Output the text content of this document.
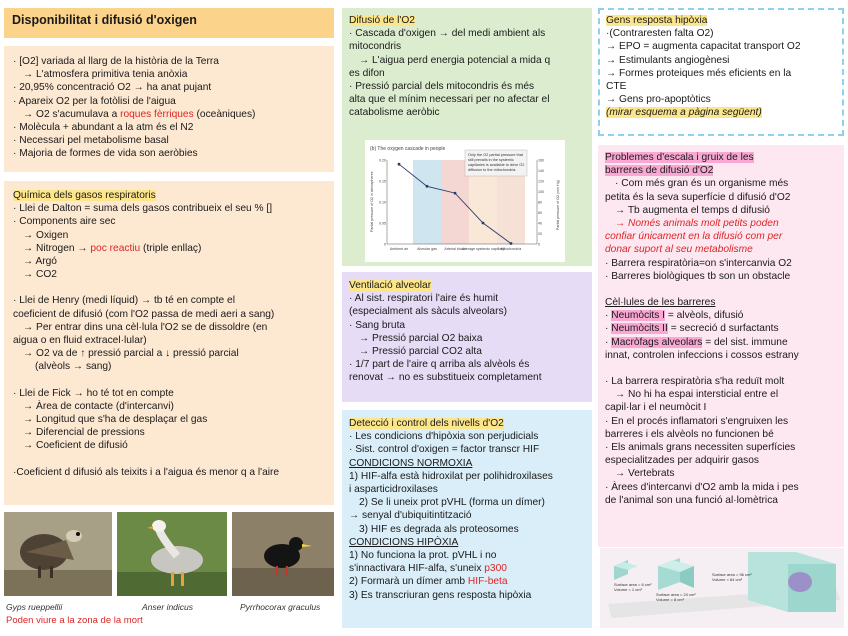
Disponibilitat i difusió d'oxigen
· [O2] variada al llarg de la història de la Terra
→ L'atmosfera primitiva tenia anòxia
· 20,95% concentració O2 → ha anat pujant
· Apareix O2 per la fotòlisi de l'aigua
→ O2 s'acumulava a roques fèrriques (oceàniques)
· Molècula + abundant a la atm és el N2
· Necessari pel metabolisme basal
· Majoria de formes de vida son aeròbies
Química dels gasos respiratoris
· Llei de Dalton = suma dels gasos contribueix el seu % []
· Components aire sec
→ Oxigen
→ Nitrogen → poc reactiu (triple enllaç)
→ Argó
→ CO2
· Llei de Henry (medi líquid) → tb té en compte el
coeficient de difusió (com l'O2 passa de medi aeri a sang)
→ Per entrar dins una cèl·lula l'O2 se de dissoldre (en
aigua o en fluid extracel·lular)
→ O2 va de ↑ pressió parcial a ↓ pressió parcial
(alvèols → sang)
· Llei de Fick → ho té tot en compte
→ Àrea de contacte (d'intercanvi)
→ Longitud que s'ha de desplaçar el gas
→ Diferencial de pressions
→ Coeficient de difusió
·Coeficient d difusió als teixits i a l'aigua és menor q a l'aire
Gyps rueppellii	Anser indicus	Pyrrhocorax graculus
Poden viure a la zona de la mort
Difusió de l'O2
· Cascada d'oxigen → del medi ambient als
mitocondris
→ L'aigua perd energia potencial a mida q
es difon
· Pressió parcial dels mitocondris és més
alta que el mínim necessari per no afectar el
catabolisme aeròbic
(b) The oxygen cascade in people
Only the O2 partial pressure that
still prevails in the systemic
capillaries is available to drive O2
diffusion to the mitochondria.
Partial pressure of O2 in atmospheres	Partial pressure of O2 (mm Hg)
0.20
0.15
0.10
0.05
0
160
140
120
100
80
60
40
20
0
Ambient air	Alveolar gas Arterial blood
Average systemic capillary
Mitochondria
Ventilació alveolar
· Al sist. respiratori l'aire és humit
(especialment als sàculs alveolars)
· Sang bruta
→ Pressió parcial O2 baixa
→ Pressió parcial CO2 alta
· 1/7 part de l'aire q arriba als alvèols és
renovat → no es substitueix completament
Detecció i control dels nivells d'O2
· Les condicions d'hipòxia son perjudicials
· Sist. control d'oxigen = factor transcr HIF
CONDICIONS NORMOXIA
1) HIF-alfa està hidroxilat per polihidroxilases
i asparticidroxilases
2) Se li uneix prot pVHL (forma un dímer)
→ senyal d'ubiquitintització
3) HIF es degrada als proteosomes
CONDICIONS HIPÒXIA
1) No funciona la prot. pVHL i no
s'innactivara HIF-alfa, s'uneix p300
2) Formarà un dímer amb HIF-beta
3) Es transcriuran gens resposta hipòxia
Gens resposta hipòxia
·(Contraresten falta O2)
→ EPO = augmenta capacitat transport O2
→ Estimulants angiogènesi
→ Formes proteiques més eficients en la
CTE
→ Gens pro-apoptòtics
(mirar esquema a pàgina següent)
Problemes d'escala i gruix de les
barreres de difusió d'O2
· Com més gran és un organisme més
petita és la seva superfície d difusió d'O2
→ Tb augmenta el temps d difusió
→ Només animals molt petits poden
confiar únicament en la difusió com per
donar suport al seu metabolisme
· Barrera respiratòria=on s'intercanvia O2
· Barreres biològiques tb son un obstacle
Cèl·lules de les barreres
· Neumòcits I = alvèols, difusió
· Neumòcits II = secreció d surfactants
· Macròfags alveolars = del sist. immune
innat, controlen infeccions i cossos estrany
· La barrera respiratòria s'ha reduït molt
→ No hi ha espai intersticial entre el
capil·lar i el neumòcit I
· En el procés inflamatori s'engruixen les
barreres i els alvèols no funcionen bé
· Els animals grans necessiten superfícies
especialitzades per adquirir gasos
→ Vertebrats
· Àrees d'intercanvi d'O2 amb la mida i pes
de l'animal son una funció al·lomètrica
Surface area = 6 cm²
Volume = 1 cm³
Surface area = 24 cm²
Volume = 8 cm³
Surface area = 96 cm²
Volume = 64 cm³
